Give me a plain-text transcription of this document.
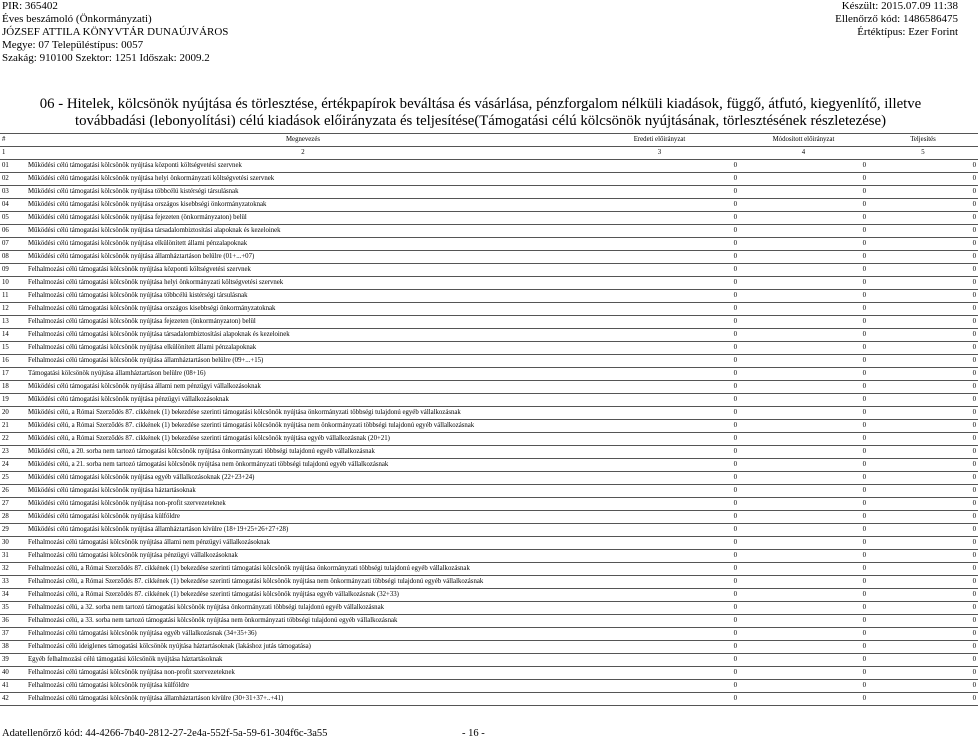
PIR: 365402
Éves beszámoló (Önkormányzati)
JÓZSEF ATTILA KÖNYVTÁR DUNAÚJVÁROS
Megye: 07 Településtípus: 0057
Szakág: 910100 Szektor: 1251 Időszak: 2009.2
Készült: 2015.07.09 11:38
Ellenőrző kód: 1486586475
Értéktípus: Ezer Forint
06 - Hitelek, kölcsönök nyújtása és törlesztése, értékpapírok beváltása és vásárlása, pénzforgalom nélküli kiadások, függő, átfutó, kiegyenlítő, illetve továbbadási (lebonyolítási) célú kiadások előirányzata és teljesítése(Támogatási célú kölcsönök nyújtásának, törlesztésének részletezése)
#	Megnevezés	Eredeti előirányzat	Módosított előirányzat	Teljesítés
1	2	3	4	5
01	Működési célú támogatási kölcsönök nyújtása központi költségvetési szervnek	0	0	0
02	Működési célú támogatási kölcsönök nyújtása helyi önkormányzati költségvetési szervnek	0	0	0
03	Működési célú támogatási kölcsönök nyújtása többcélú kistérségi társulásnak	0	0	0
04	Működési célú támogatási kölcsönök nyújtása országos kisebbségi önkormányzatoknak	0	0	0
05	Működési célú támogatási kölcsönök nyújtása fejezeten (önkormányzaton) belül	0	0	0
06	Működési célú támogatási kölcsönök nyújtása társadalombiztosítási alapoknak és kezeloinek	0	0	0
07	Működési célú támogatási kölcsönök nyújtása elkülönített állami pénzalapoknak	0	0	0
08	Működési célú támogatási kölcsönök nyújtása államháztartáson belülre (01+...+07)	0	0	0
09	Felhalmozási célú támogatási kölcsönök nyújtása központi költségvetési szervnek	0	0	0
10	Felhalmozási célú támogatási kölcsönök nyújtása helyi önkormányzati költségvetési szervnek	0	0	0
11	Felhalmozási célú támogatási kölcsönök nyújtása többcélú kistérségi társulásnak	0	0	0
12	Felhalmozási célú támogatási kölcsönök nyújtása országos kisebbségi önkormányzatoknak	0	0	0
13	Felhalmozási célú támogatási kölcsönök nyújtása fejezeten (önkormányzaton) belül	0	0	0
14	Felhalmozási célú támogatási kölcsönök nyújtása társadalombiztosítási alapoknak és kezeloinek	0	0	0
15	Felhalmozási célú támogatási kölcsönök nyújtása elkülönített állami pénzalapoknak	0	0	0
16	Felhalmozási célú támogatási kölcsönök nyújtása államháztartáson belülre (09+...+15)	0	0	0
17	Támogatási kölcsönök nyújtása államháztartáson belülre (08+16)	0	0	0
18	Működési célú támogatási kölcsönök nyújtása állami nem pénzügyi vállalkozásoknak	0	0	0
19	Működési célú támogatási kölcsönök nyújtása pénzügyi vállalkozásoknak	0	0	0
20	Működési célú, a Római Szerződés 87. cikkének (1) bekezdése szerinti támogatási kölcsönök nyújtása önkormányzati többségi tulajdonú egyéb vállalkozásnak	0	0	0
21	Működési célú, a Római Szerződés 87. cikkének (1) bekezdése szerinti támogatási kölcsönök nyújtása nem önkormányzati többségi tulajdonú egyéb vállalkozásnak	0	0	0
22	Működési célú, a Római Szerződés 87. cikkének (1) bekezdése szerinti támogatási kölcsönök nyújtása egyéb vállalkozásnak (20+21)	0	0	0
23	Működési célú, a 20. sorba nem tartozó támogatási kölcsönök nyújtása önkormányzati többségi tulajdonú egyéb vállalkozásnak	0	0	0
24	Működési célú, a 21. sorba nem tartozó támogatási kölcsönök nyújtása nem önkormányzati többségi tulajdonú egyéb vállalkozásnak	0	0	0
25	Működési célú támogatási kölcsönök nyújtása egyéb vállalkozásoknak (22+23+24)	0	0	0
26	Működési célú támogatási kölcsönök nyújtása háztartásoknak	0	0	0
27	Működési célú támogatási kölcsönök nyújtása non-profit szervezeteknek	0	0	0
28	Működési célú támogatási kölcsönök nyújtása külföldre	0	0	0
29	Működési célú támogatási kölcsönök nyújtása államháztartáson kívülre (18+19+25+26+27+28)	0	0	0
30	Felhalmozási célú támogatási kölcsönök nyújtása állami nem pénzügyi vállalkozásoknak	0	0	0
31	Felhalmozási célú támogatási kölcsönök nyújtása pénzügyi vállalkozásoknak	0	0	0
32	Felhalmozási célú, a Római Szerződés 87. cikkének (1) bekezdése szerinti támogatási kölcsönök nyújtása önkormányzati többségi tulajdonú egyéb vállalkozásnak	0	0	0
33	Felhalmozási célú, a Római Szerződés 87. cikkének (1) bekezdése szerinti támogatási kölcsönök nyújtása nem önkormányzati többségi tulajdonú egyéb vállalkozásnak	0	0	0
34	Felhalmozási célú, a Római Szerződés 87. cikkének (1) bekezdése szerinti támogatási kölcsönök nyújtása egyéb vállalkozásnak (32+33)	0	0	0
35	Felhalmozási célú, a 32. sorba nem tartozó támogatási kölcsönök nyújtása önkormányzati többségi tulajdonú egyéb vállalkozásnak	0	0	0
36	Felhalmozási célú, a 33. sorba nem tartozó támogatási kölcsönök nyújtása nem önkormányzati többségi tulajdonú egyéb vállalkozásnak	0	0	0
37	Felhalmozási célú támogatási kölcsönök nyújtása egyéb vállalkozásnak (34+35+36)	0	0	0
38	Felhalmozási célú ideiglenes támogatási kölcsönök nyújtása háztartásoknak (lakáshoz jutás támogatása)	0	0	0
39	Egyéb felhalmozási célú támogatási kölcsönök nyújtása háztartásoknak	0	0	0
40	Felhalmozási célú támogatási kölcsönök nyújtása non-profit szervezeteknek	0	0	0
41	Felhalmozási célú támogatási kölcsönök nyújtása külföldre	0	0	0
42	Felhalmozási célú támogatási kölcsönök nyújtása államháztartáson kívülre (30+31+37+..+41)	0	0	0
Adatellenőrző kód: 44-4266-7b40-2812-27-2e4a-552f-5a-59-61-304f6c-3a55	- 16 -
